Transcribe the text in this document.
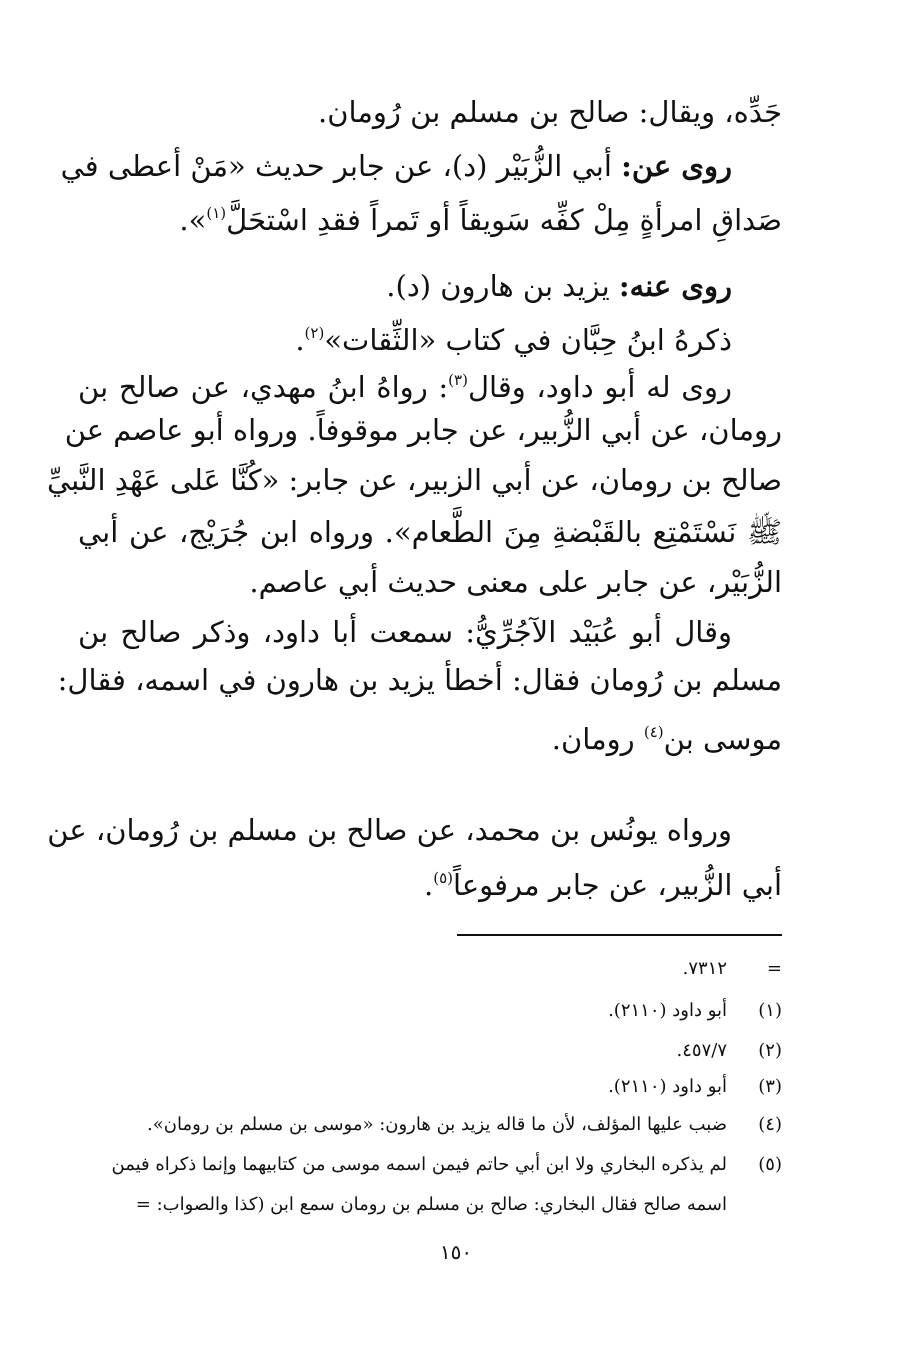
جَدِّه، ويقال: صالح بن مسلم بن رُومان.
روى عن: أبي الزُّبَيْر (د)، عن جابر حديث «مَنْ أعطى في
صَداقِ امرأةٍ مِلْ كفِّه سَويقاً أو تَمراً فقدِ اسْتحَلَّ$^{(١)}$».
روى عنه: يزيد بن هارون (د).
ذكرهُ ابنُ حِبَّان في كتاب «الثِّقات»$^{(٢)}$.
روى له أبو داود، وقال$^{(٣)}$: رواهُ ابنُ مهدي، عن صالح بن
رومان، عن أبي الزُّبير، عن جابر موقوفاً. ورواه أبو عاصم عن
صالح بن رومان، عن أبي الزبير، عن جابر: «كُنَّا عَلى عَهْدِ النَّبيِّ
ﷺ نَسْتَمْتِع بالقَبْضةِ مِنَ الطَّعام». ورواه ابن جُرَيْج، عن أبي
الزُّبَيْر، عن جابر على معنى حديث أبي عاصم.
وقال أبو عُبَيْد الآجُرِّيُّ: سمعت أبا داود، وذكر صالح بن
مسلم بن رُومان فقال: أخطأ يزيد بن هارون في اسمه، فقال:
موسى بن$^{(٤)}$ رومان.
ورواه يونُس بن محمد، عن صالح بن مسلم بن رُومان، عن
أبي الزُّبير، عن جابر مرفوعاً$^{(٥)}$.
=٧٣١٢.
(١)أبو داود (٢١١٠).
(٢)٤٥٧/٧.
(٣)أبو داود (٢١١٠).
(٤)ضبب عليها المؤلف، لأن ما قاله يزيد بن هارون: «موسى بن مسلم بن رومان».
(٥)لم يذكره البخاري ولا ابن أبي حاتم فيمن اسمه موسى من كتابيهما وإنما ذكراه فيمن
اسمه صالح فقال البخاري: صالح بن مسلم بن رومان سمع ابن (كذا والصواب: =
١٥٠
